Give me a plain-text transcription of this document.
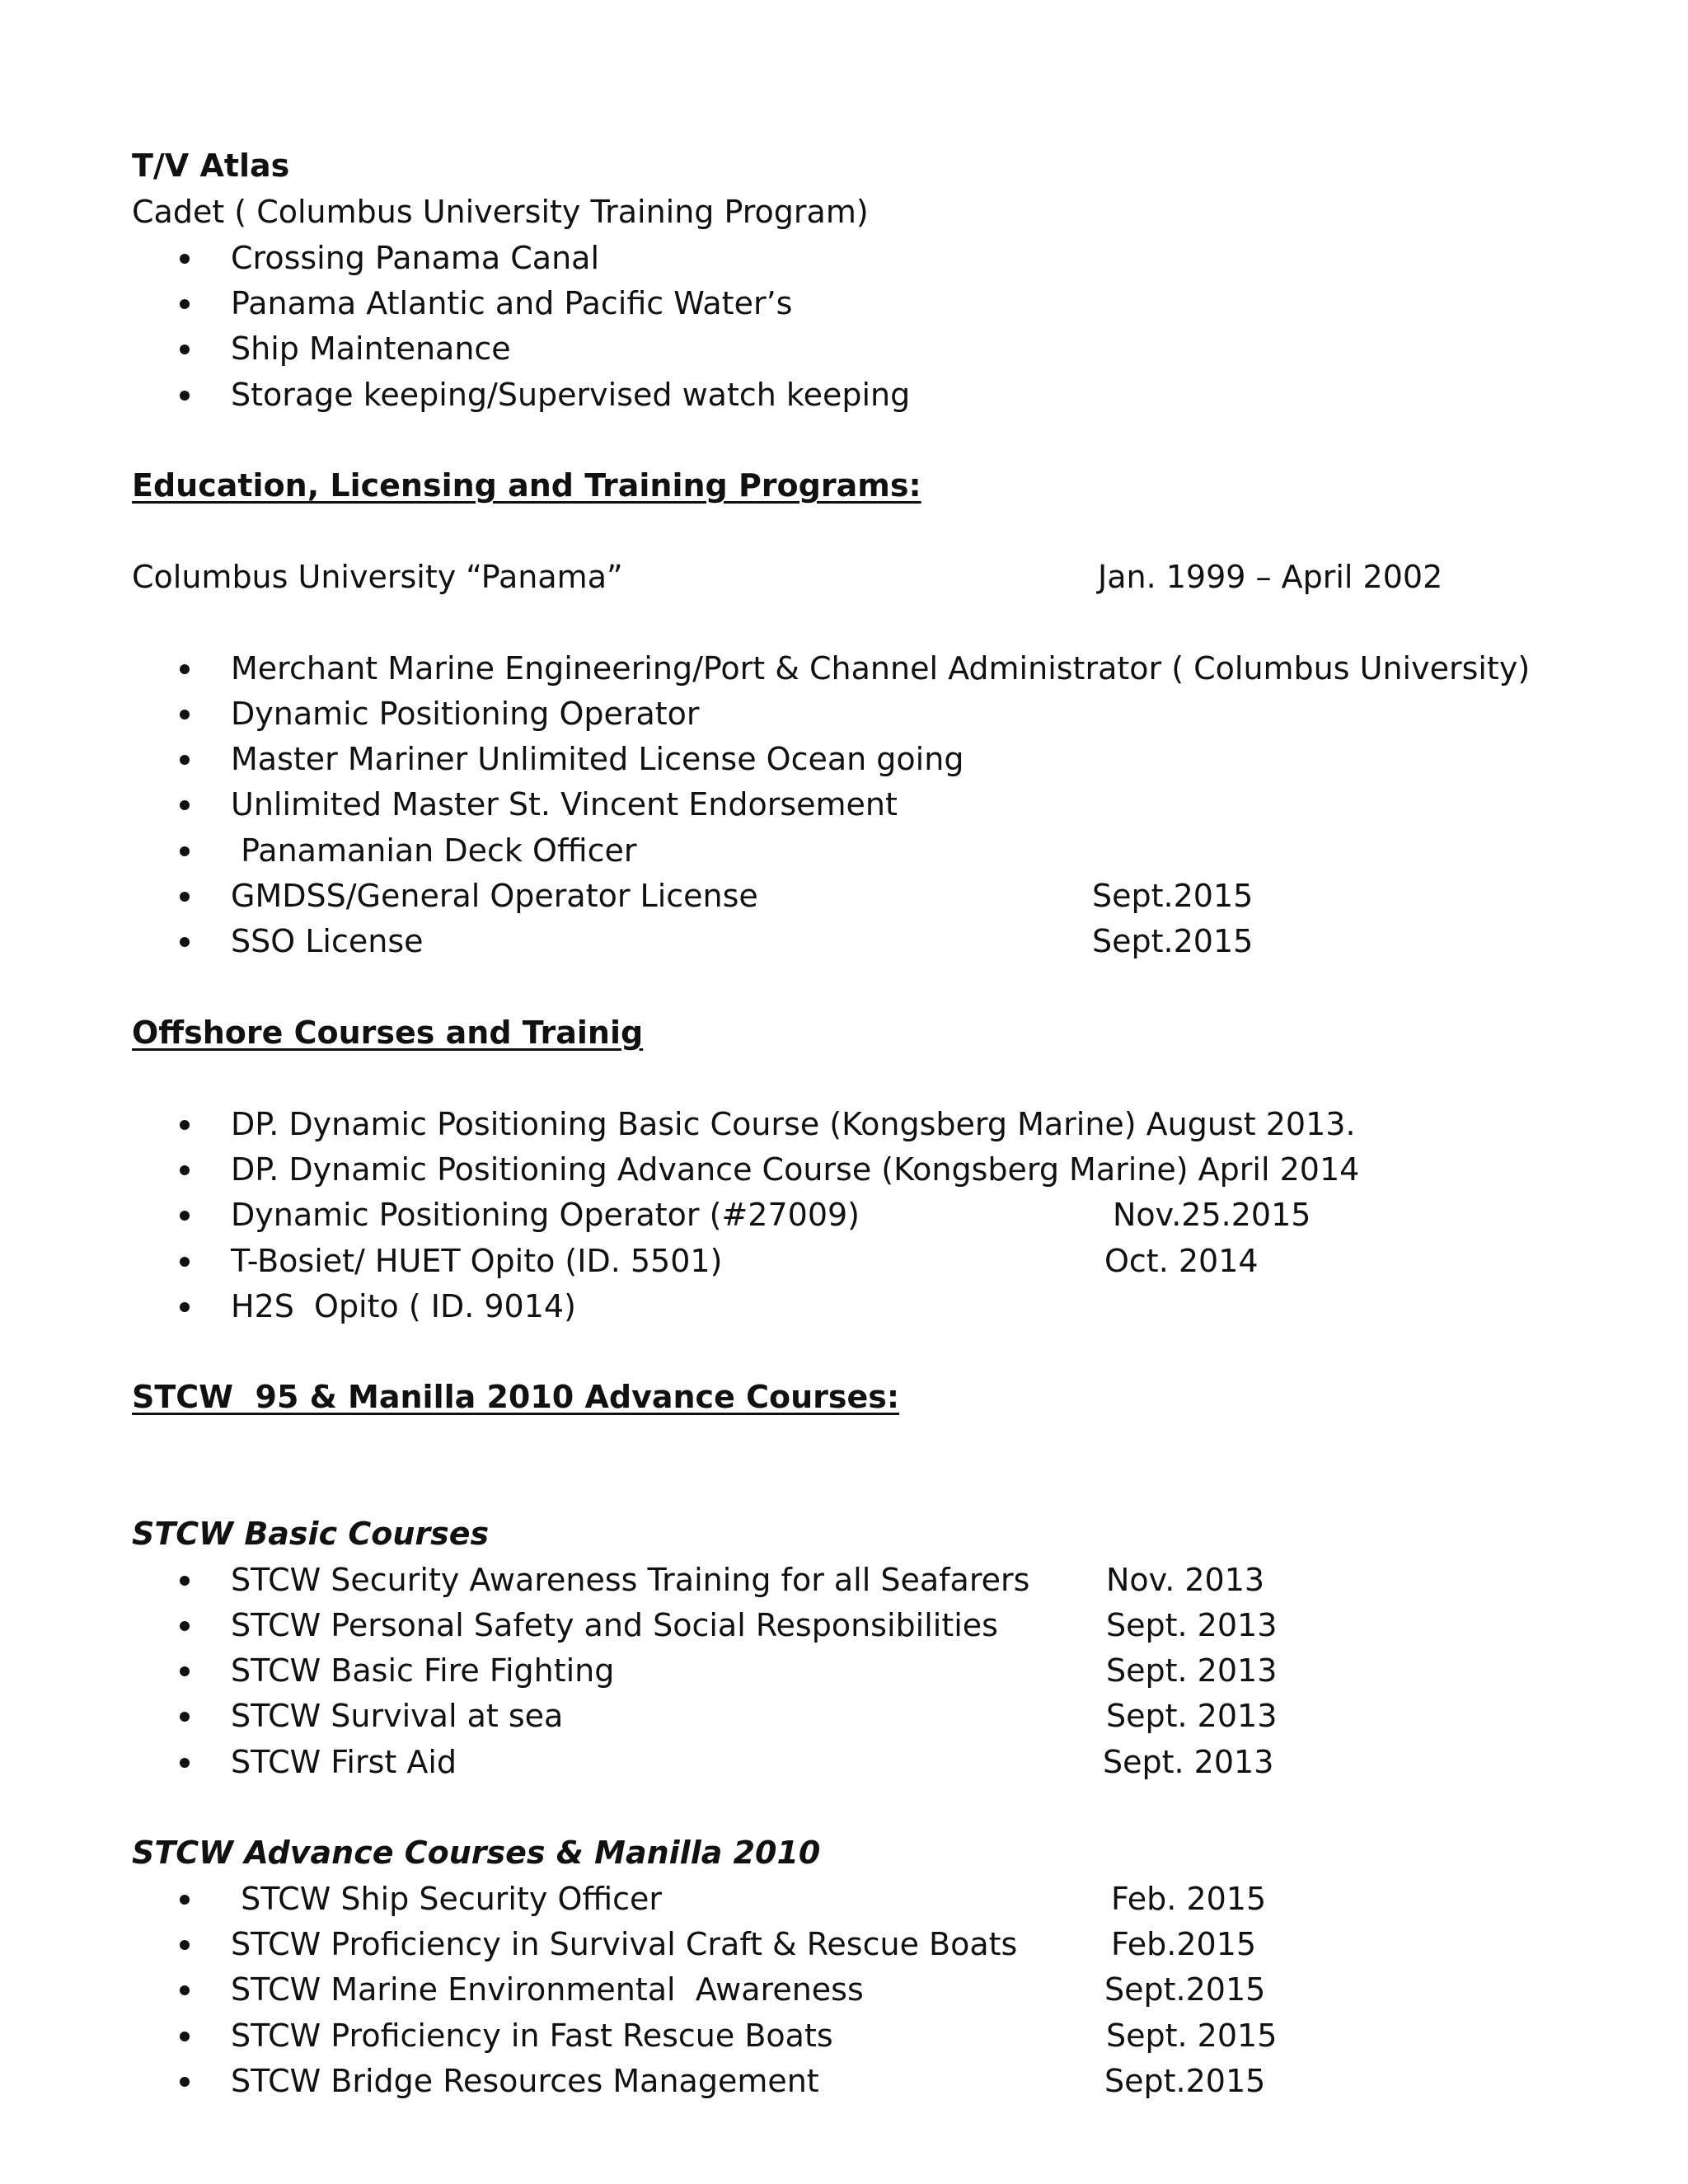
T/V Atlas
Cadet ( Columbus University Training Program)
Crossing Panama Canal
Panama Atlantic and Pacific Water’s
Ship Maintenance
Storage keeping/Supervised watch keeping
Education, Licensing and Training Programs:
Columbus University “Panama”	Jan. 1999 – April 2002
Merchant Marine Engineering/Port & Channel Administrator ( Columbus University)
Dynamic Positioning Operator
Master Mariner Unlimited License Ocean going
Unlimited Master St. Vincent Endorsement
Panamanian Deck Officer
GMDSS/General Operator License	Sept.2015
SSO License	Sept.2015
Offshore Courses and Trainig
DP. Dynamic Positioning Basic Course (Kongsberg Marine) August 2013.
DP. Dynamic Positioning Advance Course (Kongsberg Marine) April 2014
Dynamic Positioning Operator (#27009)	Nov.25.2015
T-Bosiet/ HUET Opito (ID. 5501)	Oct. 2014
H2S  Opito ( ID. 9014)
STCW  95 & Manilla 2010 Advance Courses:
STCW Basic Courses
STCW Security Awareness Training for all Seafarers Nov. 2013
STCW Personal Safety and Social Responsibilities	Sept. 2013
STCW Basic Fire Fighting	Sept. 2013
STCW Survival at sea	Sept. 2013
STCW First Aid	Sept. 2013
STCW Advance Courses & Manilla 2010
STCW Ship Security Officer	Feb. 2015
STCW Proficiency in Survival Craft & Rescue Boats	Feb.2015
STCW Marine Environmental  Awareness	Sept.2015
STCW Proficiency in Fast Rescue Boats	Sept. 2015
STCW Bridge Resources Management	Sept.2015
